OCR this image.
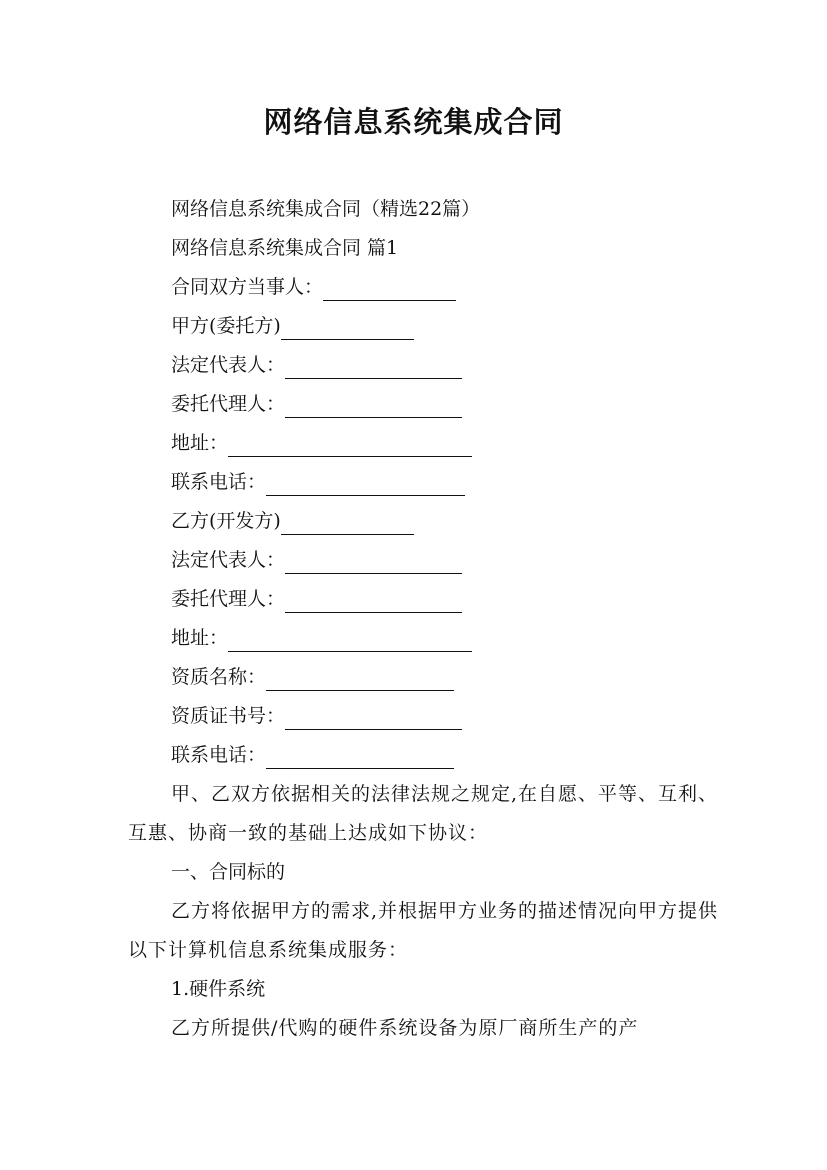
网络信息系统集成合同
网络信息系统集成合同（精选22篇）
网络信息系统集成合同 篇1
合同双方当事人：
甲方(委托方)
法定代表人：
委托代理人：
地址：
联系电话：
乙方(开发方)
法定代表人：
委托代理人：
地址：
资质名称：
资质证书号：
联系电话：
甲、乙双方依据相关的法律法规之规定,在自愿、平等、互利、互惠、协商一致的基础上达成如下协议：
一、合同标的
乙方将依据甲方的需求,并根据甲方业务的描述情况向甲方提供以下计算机信息系统集成服务：
1.硬件系统
乙方所提供/代购的硬件系统设备为原厂商所生产的产
